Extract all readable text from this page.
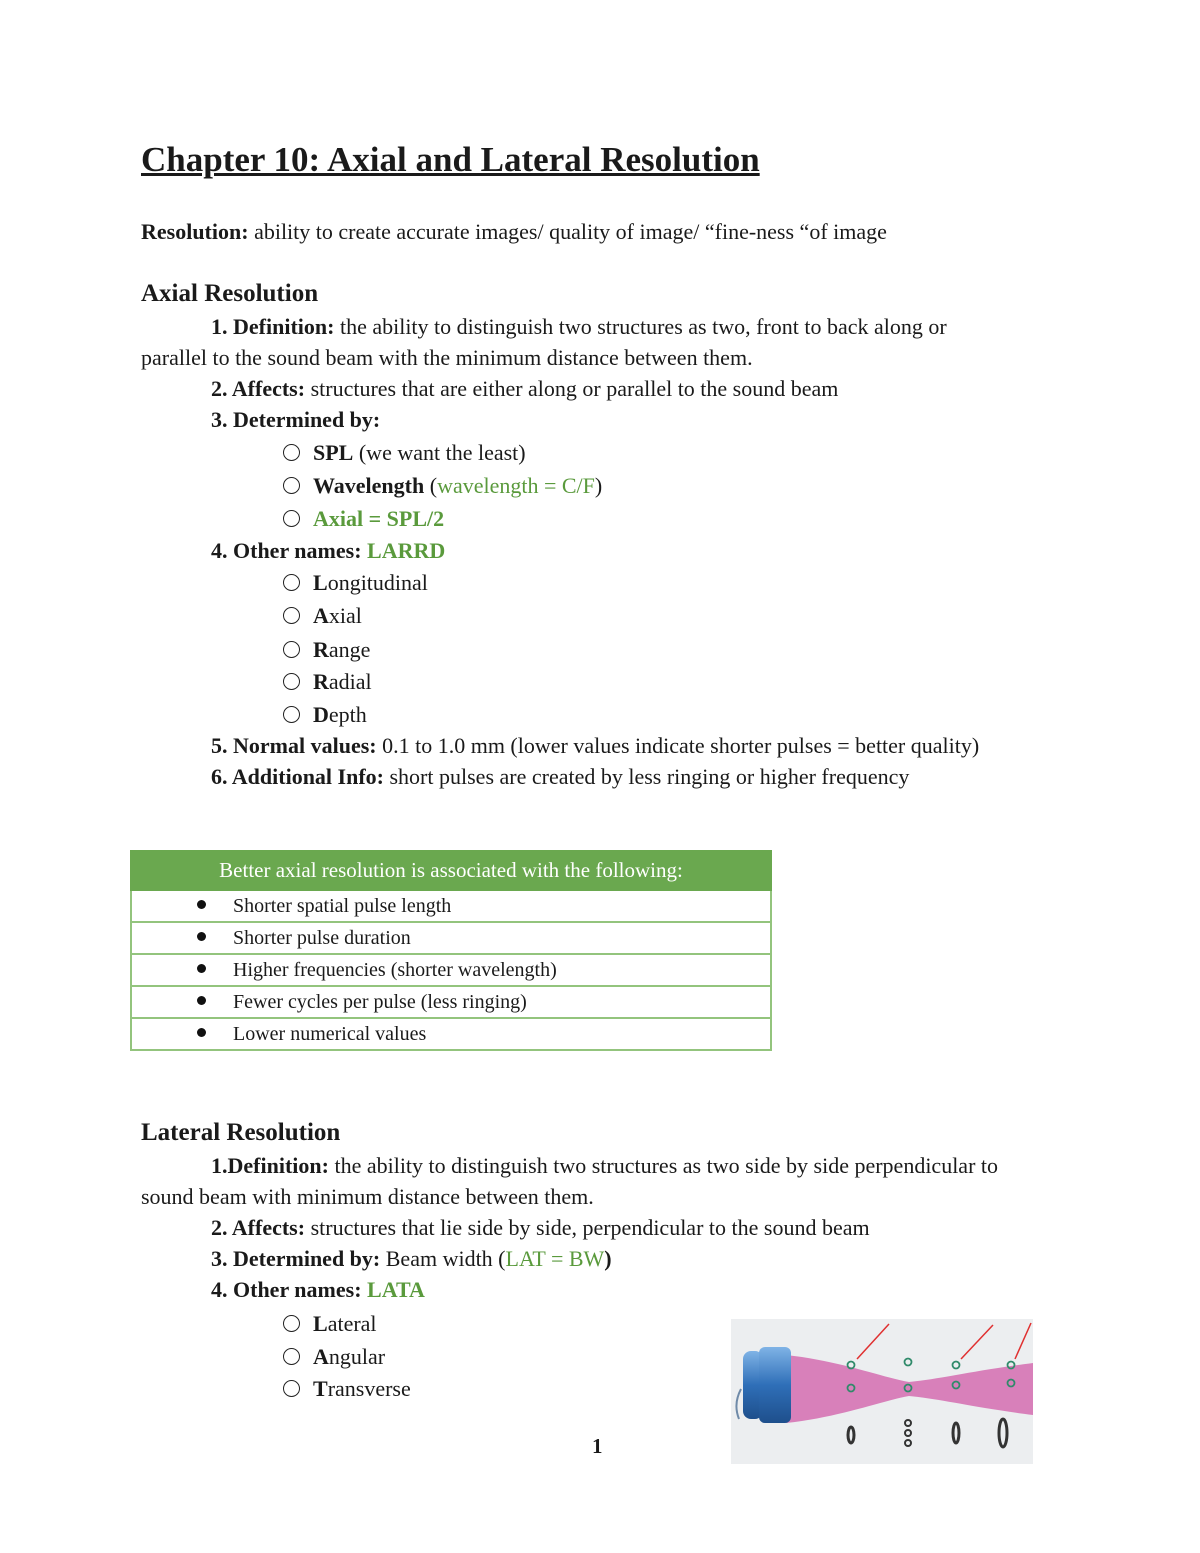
Chapter 10: Axial and Lateral Resolution
Resolution: ability to create accurate images/ quality of image/ “fine-ness “of image
Axial Resolution
1. Definition: the ability to distinguish two structures as two, front to back along or
parallel to the sound beam with the minimum distance between them.
2. Affects: structures that are either along or parallel to the sound beam
3. Determined by:
SPL (we want the least)
Wavelength (wavelength = C/F)
Axial = SPL/2
4. Other names: LARRD
Longitudinal
Axial
Range
Radial
Depth
5. Normal values: 0.1 to 1.0 mm (lower values indicate shorter pulses = better quality)
6. Additional Info: short pulses are created by less ringing or higher frequency
Better axial resolution is associated with the following:
Shorter spatial pulse length
Shorter pulse duration
Higher frequencies (shorter wavelength)
Fewer cycles per pulse (less ringing)
Lower numerical values
Lateral Resolution
1.Definition: the ability to distinguish two structures as two side by side perpendicular to
sound beam with minimum distance between them.
2. Affects: structures that lie side by side, perpendicular to the sound beam
3. Determined by: Beam width (LAT = BW)
4. Other names: LATA
Lateral
Angular
Transverse
1
